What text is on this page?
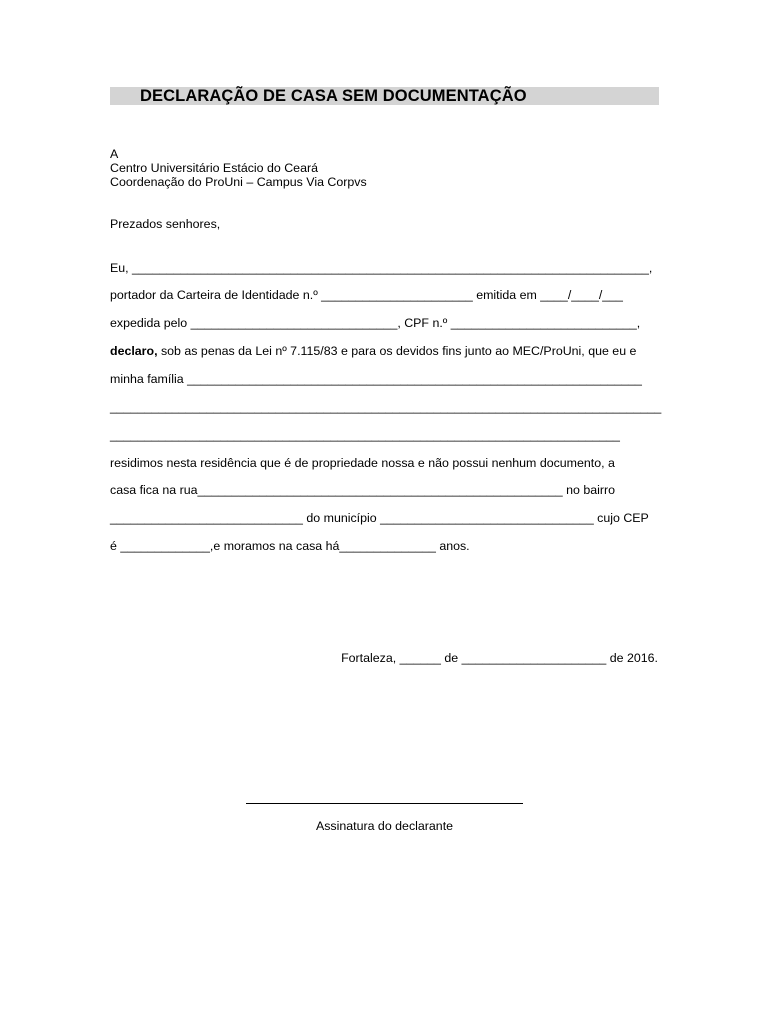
DECLARAÇÃO DE CASA SEM DOCUMENTAÇÃO
A
Centro Universitário Estácio do Ceará
Coordenação do ProUni – Campus Via Corpvs
Prezados senhores,
Eu, ___________________________________________________________________________,
portador da Carteira de Identidade n.º ______________________ emitida em ____/____/___
expedida pelo ______________________________, CPF n.º ___________________________,
declaro, sob as penas da Lei nº 7.115/83 e para os devidos fins junto ao MEC/ProUni, que eu e
minha família __________________________________________________________________
________________________________________________________________________________
__________________________________________________________________________
residimos nesta residência que é de propriedade nossa e não possui nenhum documento, a
casa fica na rua_____________________________________________________ no bairro
____________________________ do município _______________________________ cujo CEP
é _____________,e moramos na casa há______________ anos.
Fortaleza, ______ de _____________________ de 2016.
Assinatura do declarante
